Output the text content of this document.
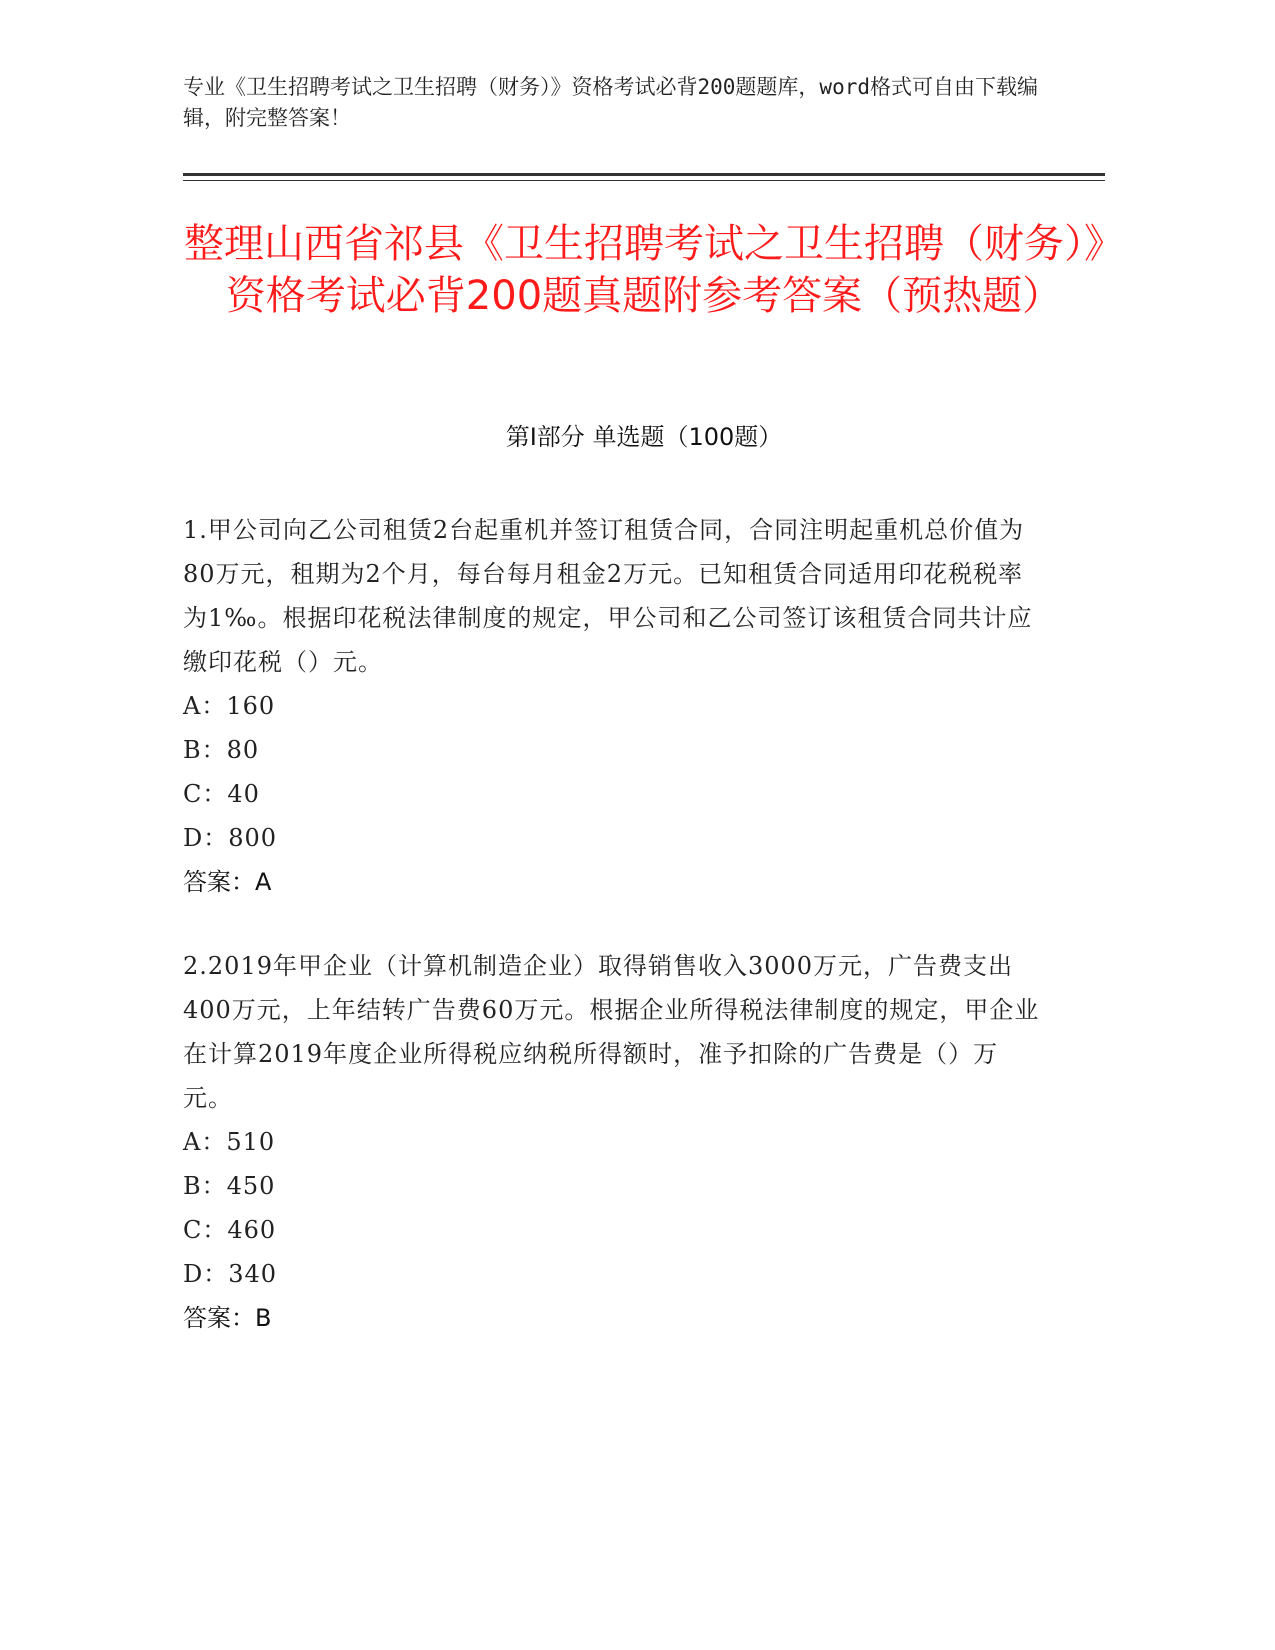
专业《卫生招聘考试之卫生招聘（财务）》资格考试必背200题题库，word格式可自由下载编辑，附完整答案！
整理山西省祁县《卫生招聘考试之卫生招聘（财务）》资格考试必背200题真题附参考答案（预热题）
第I部分 单选题（100题）

1.甲公司向乙公司租赁2台起重机并签订租赁合同，合同注明起重机总价值为80万元，租期为2个月，每台每月租金2万元。已知租赁合同适用印花税税率为1‰。根据印花税法律制度的规定，甲公司和乙公司签订该租赁合同共计应缴印花税（）元。

A：160

B：80

C：40

D：800

答案：A

2.2019年甲企业（计算机制造企业）取得销售收入3000万元，广告费支出400万元，上年结转广告费60万元。根据企业所得税法律制度的规定，甲企业在计算2019年度企业所得税应纳税所得额时，准予扣除的广告费是（）万元。

A：510

B：450

C：460

D：340

答案：B
